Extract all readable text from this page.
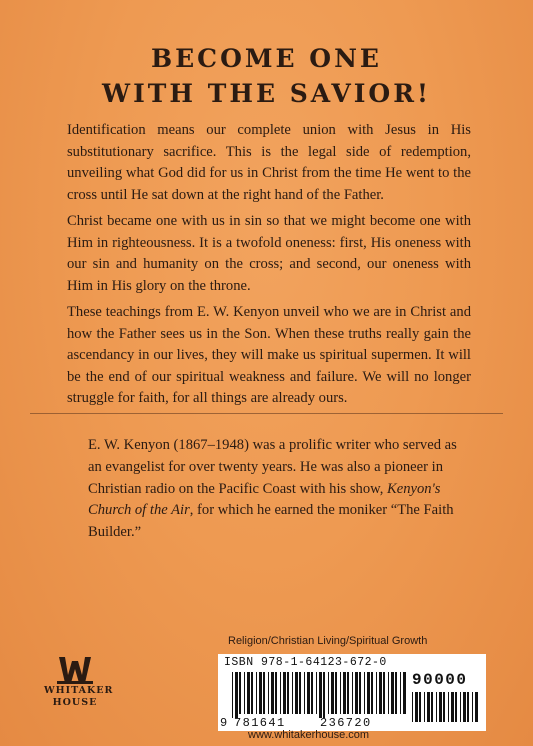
BECOME ONE
WITH THE SAVIOR!

Identification means our complete union with Jesus in His substitutionary sacrifice. This is the legal side of redemption, unveiling what God did for us in Christ from the time He went to the cross until He sat down at the right hand of the Father.

Christ became one with us in sin so that we might become one with Him in righteousness. It is a twofold oneness: first, His oneness with our sin and humanity on the cross; and second, our oneness with Him in His glory on the throne.

These teachings from E. W. Kenyon unveil who we are in Christ and how the Father sees us in the Son. When these truths really gain the ascendancy in our lives, they will make us spiritual supermen. It will be the end of our spiritual weakness and failure. We will no longer struggle for faith, for all things are already ours.

E. W. Kenyon (1867–1948) was a prolific writer who served as an evangelist for over twenty years. He was also a pioneer in Christian radio on the Pacific Coast with his show, Kenyon's Church of the Air, for which he earned the moniker “The Faith Builder.”

Religion/Christian Living/Spiritual Growth
WHITAKER
HOUSE
ISBN 978-1-64123-672-0
90000
9 781641	236720
www.whitakerhouse.com
